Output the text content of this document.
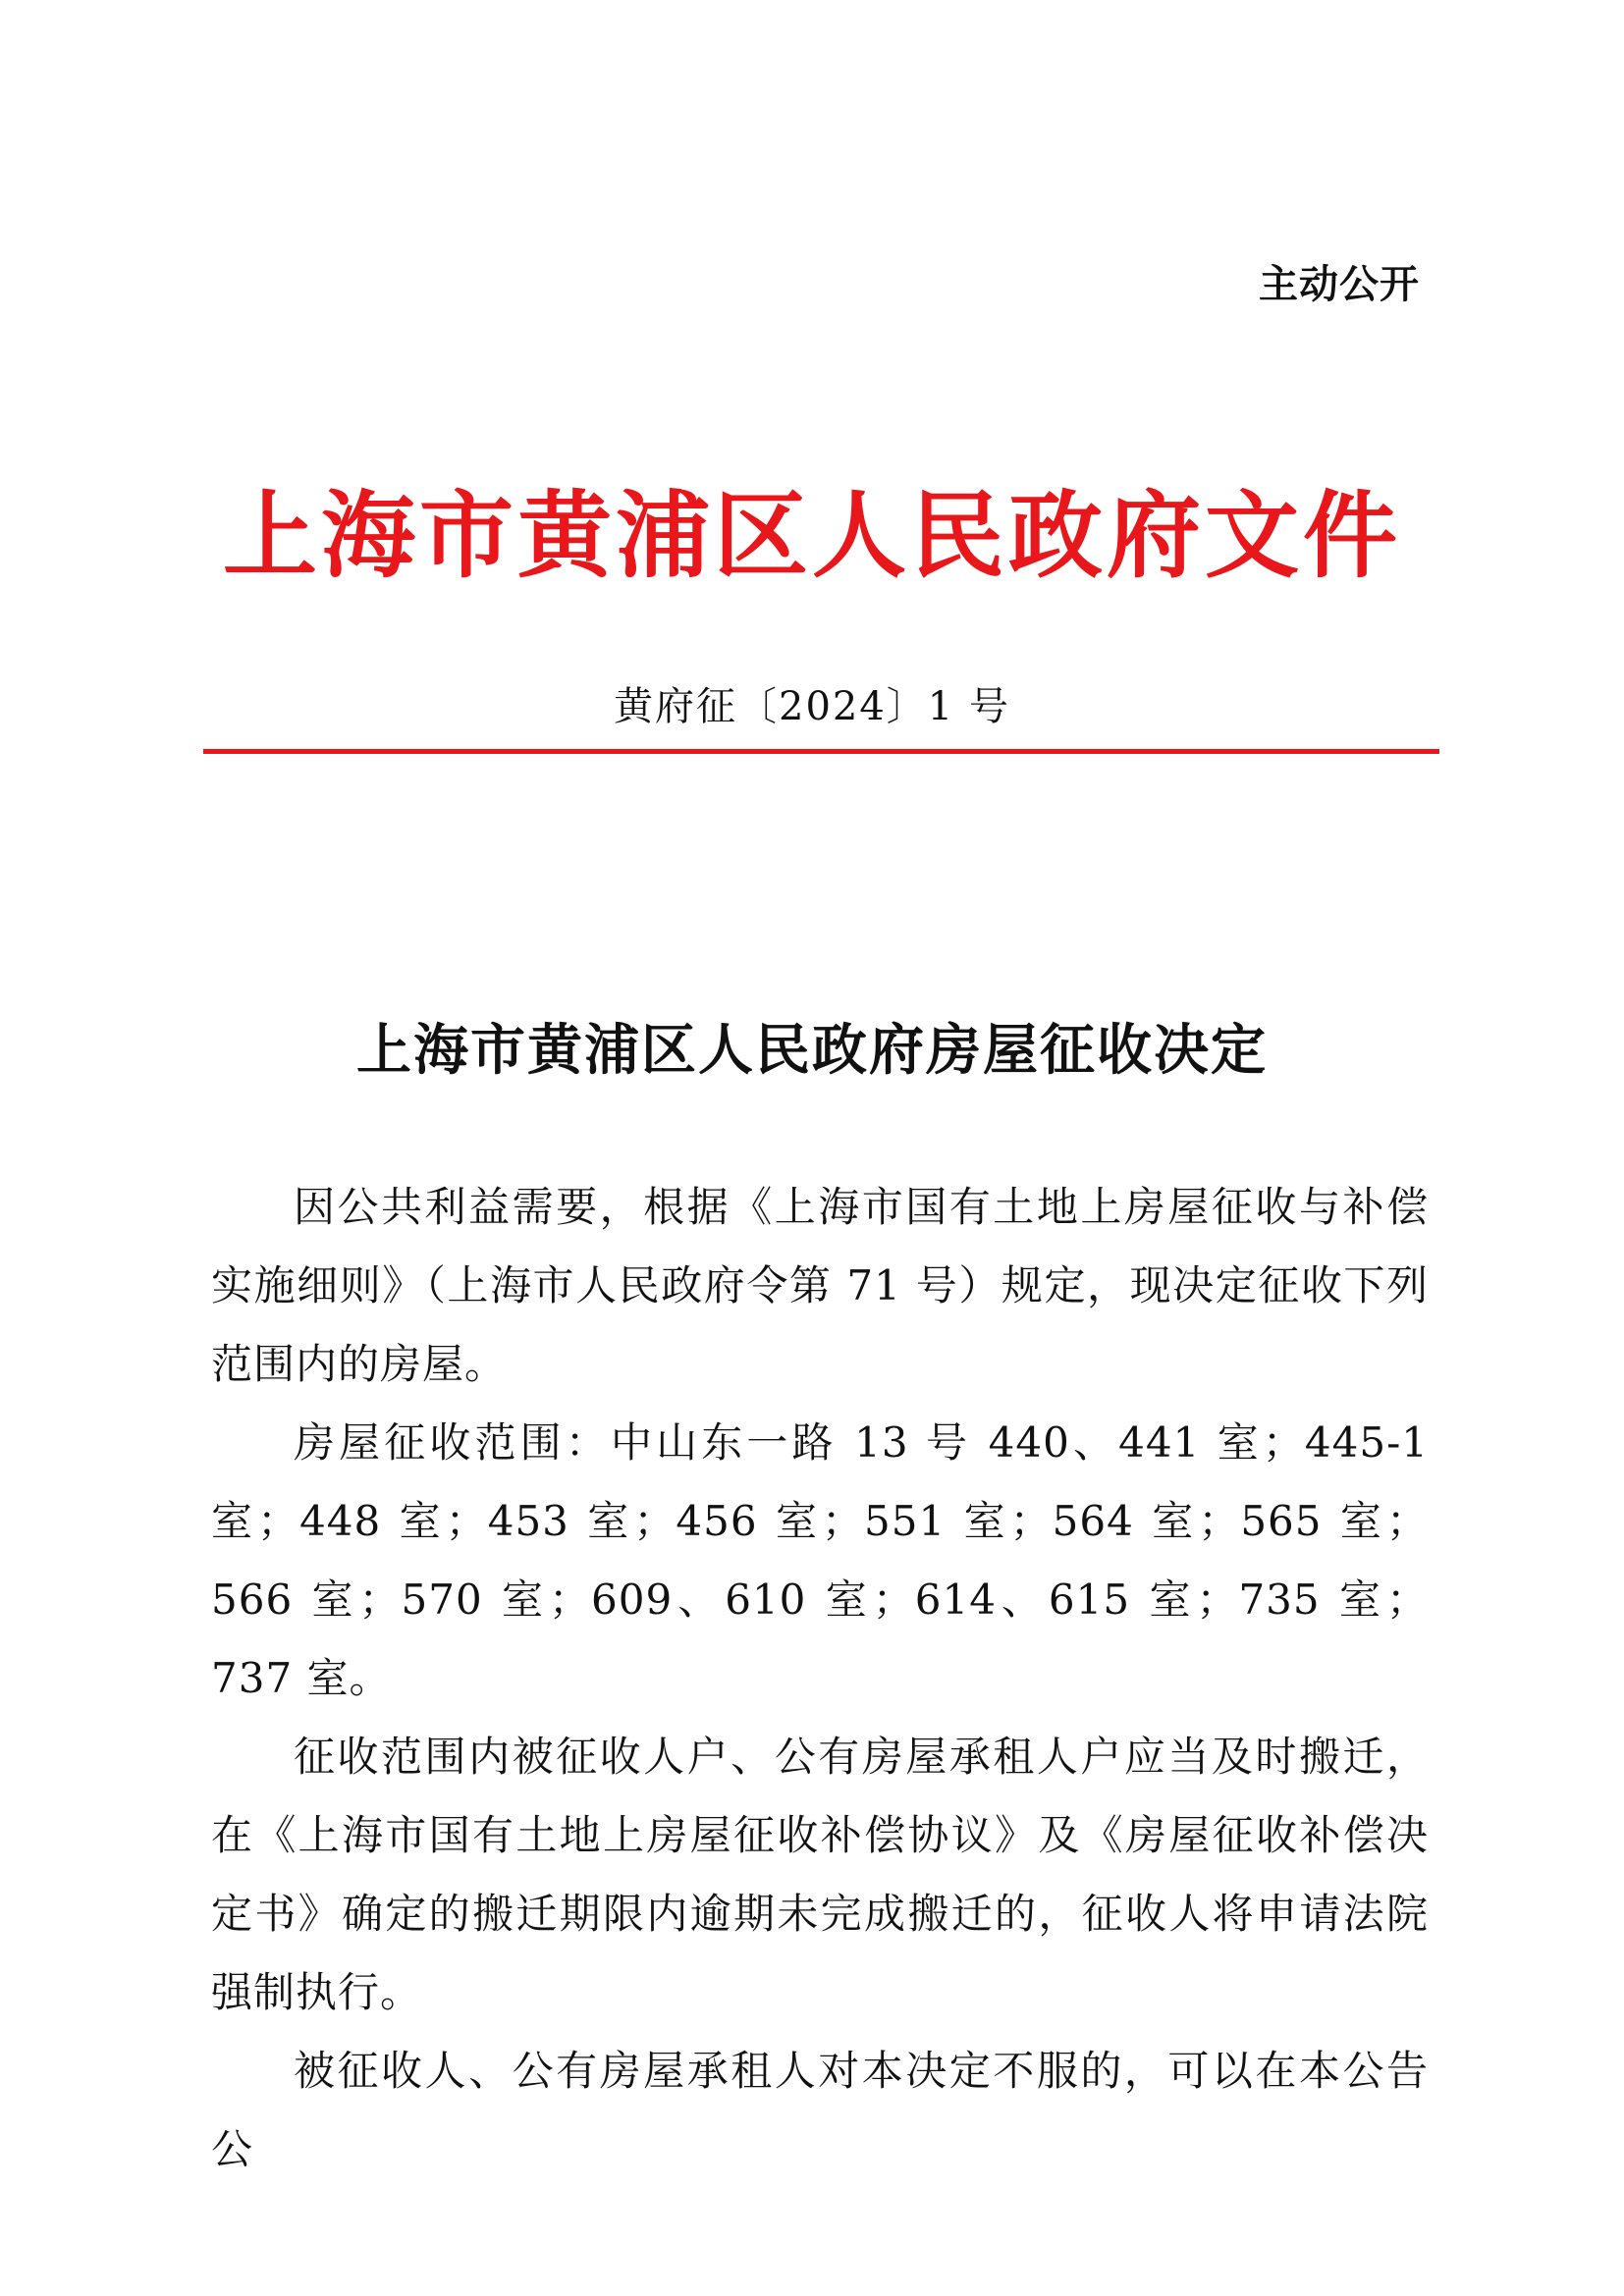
主动公开
上海市黄浦区人民政府文件
黄府征〔2024〕1 号
上海市黄浦区人民政府房屋征收决定

因公共利益需要，根据《上海市国有土地上房屋征收与补偿实施细则》（上海市人民政府令第 71 号）规定，现决定征收下列范围内的房屋。

房屋征收范围：中山东一路 13 号 440、441 室；445-1 室；448 室；453 室；456 室；551 室；564 室；565 室；566 室；570 室；609、610 室；614、615 室；735 室；737 室。

征收范围内被征收人户、公有房屋承租人户应当及时搬迁，在《上海市国有土地上房屋征收补偿协议》及《房屋征收补偿决定书》确定的搬迁期限内逾期未完成搬迁的，征收人将申请法院强制执行。

被征收人、公有房屋承租人对本决定不服的，可以在本公告公
